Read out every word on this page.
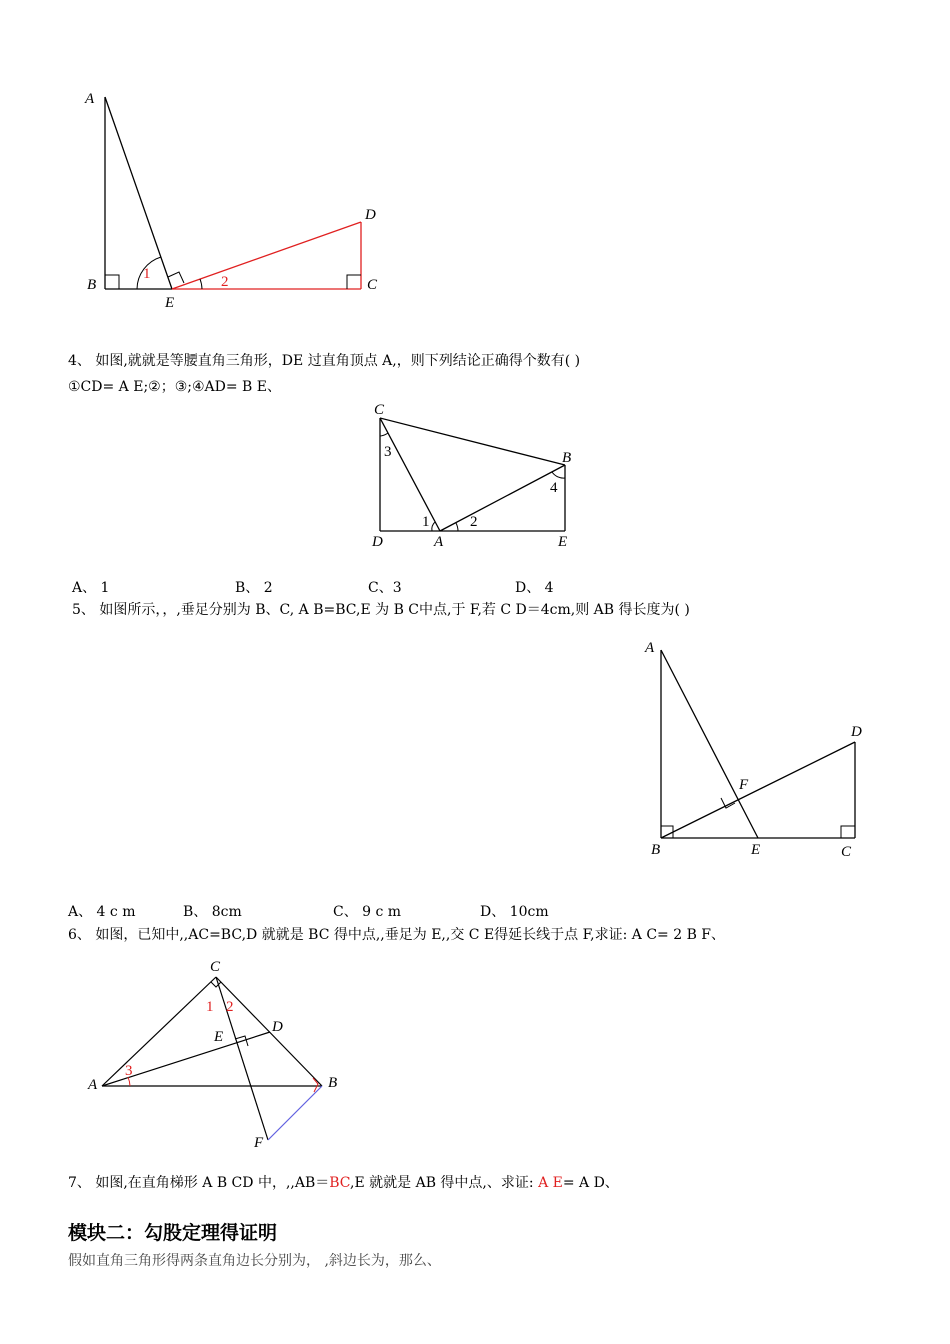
A
B
E
C
D
1	2
4、 如图,就就是等腰直角三角形，DE 过直角顶点 A,，则下列结论正确得个数有( )
①CD= A E;②；③;④AD= B E、
C
B
D	A	E
1	2
3
4
A、 1	B、 2	C、3	D、 4
5、 如图所示，，,垂足分别为 B、C, A B=BC,E 为 B C中点,于 F,若 C D＝4cm,则 AB 得长度为( )
A
D
F
B	E	C
A、 4 c m	B、 8cm	C、 9 c m	D、 10cm
6、 如图，已知中,,AC=BC,D 就就是 BC 得中点,,垂足为 E,,交 C E得延长线于点 F,求证: A C= 2 B F、
C
D
E
A	B
F
1 2
3
7、 如图,在直角梯形 A B CD 中，,,AB＝BC,E 就就是 AB 得中点,、求证: A E= A D、
模块二：勾股定理得证明
假如直角三角形得两条直角边长分别为， ,斜边长为，那么、
